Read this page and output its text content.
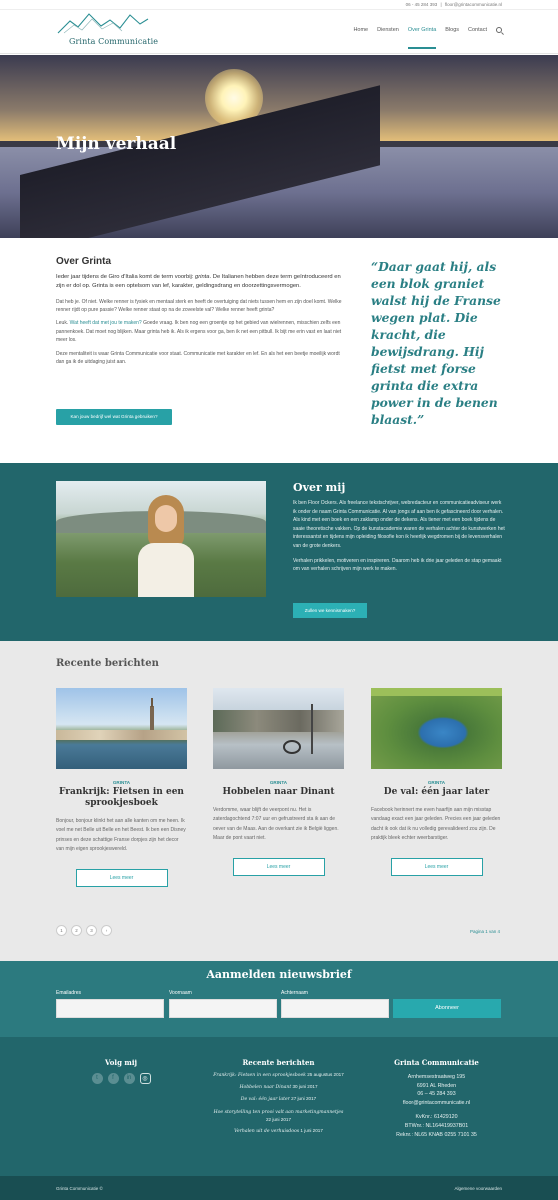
06 - 45 284 393 | floor@grintacommunicatie.nl
Grinta Communicatie
Home Diensten Over Grinta Blogs Contact
Mijn verhaal
Over Grinta

Ieder jaar tijdens de Giro d'Italia komt de term voorbij: grinta. De Italianen hebben deze term geïntroduceerd en zijn er dol op. Grinta is een optelsom van lef, karakter, geldingsdrang en doorzettingsvermogen.

Dat heb je. Of niet. Welke renner is fysiek en mentaal sterk en heeft de overtuiging dat niets tussen hem en zijn doel komt. Welke renner rijdt op pure passie? Welke renner staat op na de zoveelste val? Welke renner heeft grinta?

Leuk. Wat heeft dat met jou te maken? Goede vraag. Ik ben nog een groentje op het gebied van wielrennen, misschien zelfs een pannenkoek. Dat moet nog blijken. Maar grinta heb ik. Als ik ergens voor ga, ben ik net een pitbull. Ik bijt me erin vast en laat niet meer los.

Deze mentaliteit is waar Grinta Communicatie voor staat. Communicatie met karakter en lef. En als het een beetje moeilijk wordt dan ga ik de uitdaging juist aan.

Kan jouw bedrijf wel wat Grinta gebruiken?
“Daar gaat hij, als een blok graniet walst hij de Franse wegen plat. Die kracht, die bewijsdrang. Hij fietst met forse grinta die extra power in de benen blaast.”
Over mij

Ik ben Floor Ockers. Als freelance tekstschrijver, webredacteur en communicatieadviseur werk ik onder de naam Grinta Communicatie. Al van jongs af aan ben ik gefascineerd door verhalen. Als kind met een boek en een zaklamp onder de dekens. Als tiener met een boek tijdens de saaie theoretische vakken. Op de kunstacademie waren de verhalen achter de kunstwerken het interessantst en tijdens mijn opleiding filosofie kon ik heerlijk wegdromen bij de levensverhalen van de grote denkers.

Verhalen prikkelen, motiveren en inspireren. Daarom heb ik drie jaar geleden de stap gemaakt om van verhalen schrijven mijn werk te maken.

Zullen we kennismaken?
Recente berichten
GRINTA
Frankrijk: Fietsen in een sprookjesboek

Bonjour, bonjour klinkt het aan alle kanten om me heen. Ik voel me net Belle uit Belle en het Beest. Ik ben een Disney prinses en deze schattige Franse dorpjes zijn het decor van mijn eigen sprookjeswereld.

Lees meer
GRINTA
Hobbelen naar Dinant

Verdomme, waar blijft de veerpont nu. Het is zaterdagochtend 7:07 uur en gefrustreerd sta ik aan de oever van de Maas. Aan de overkant zie ik België liggen. Maar de pont vaart niet.

Lees meer
GRINTA
De val: één jaar later

Facebook herinnert me even haarfijn aan mijn misstap vandaag exact een jaar geleden. Precies een jaar geleden dacht ik ook dat ik nu volledig gerevalideerd zou zijn. De praktijk bleek echter weerbarstiger.

Lees meer
1	2	3	›	Pagina 1 van 4
Aanmelden nieuwsbrief
Emailadres	Voornaam	Achternaam
Abonneer
Volg mij
t	f	in	◎
Recente berichten

Frankrijk: Fietsen in een sprookjesboek 25 augustus 2017

Hobbelen naar Dinant 30 juni 2017

De val: één jaar later 27 juni 2017

Hoe storytelling ten prooi valt aan marketingmannetjes 22 juni 2017

Verhalen uit de verhuisdoos 1 juni 2017

Grinta Communicatie
Arnhemsestraatweg 195
6991 AL Rheden
06 – 45 284 393
floor@grintacommunicatie.nl
KvKnr.: 61429120
BTWnr.: NL164419937B01
Reknr.: NL65 KNAB 0255 7101 35
Grinta Communicatie ©	Algemene voorwaarden
